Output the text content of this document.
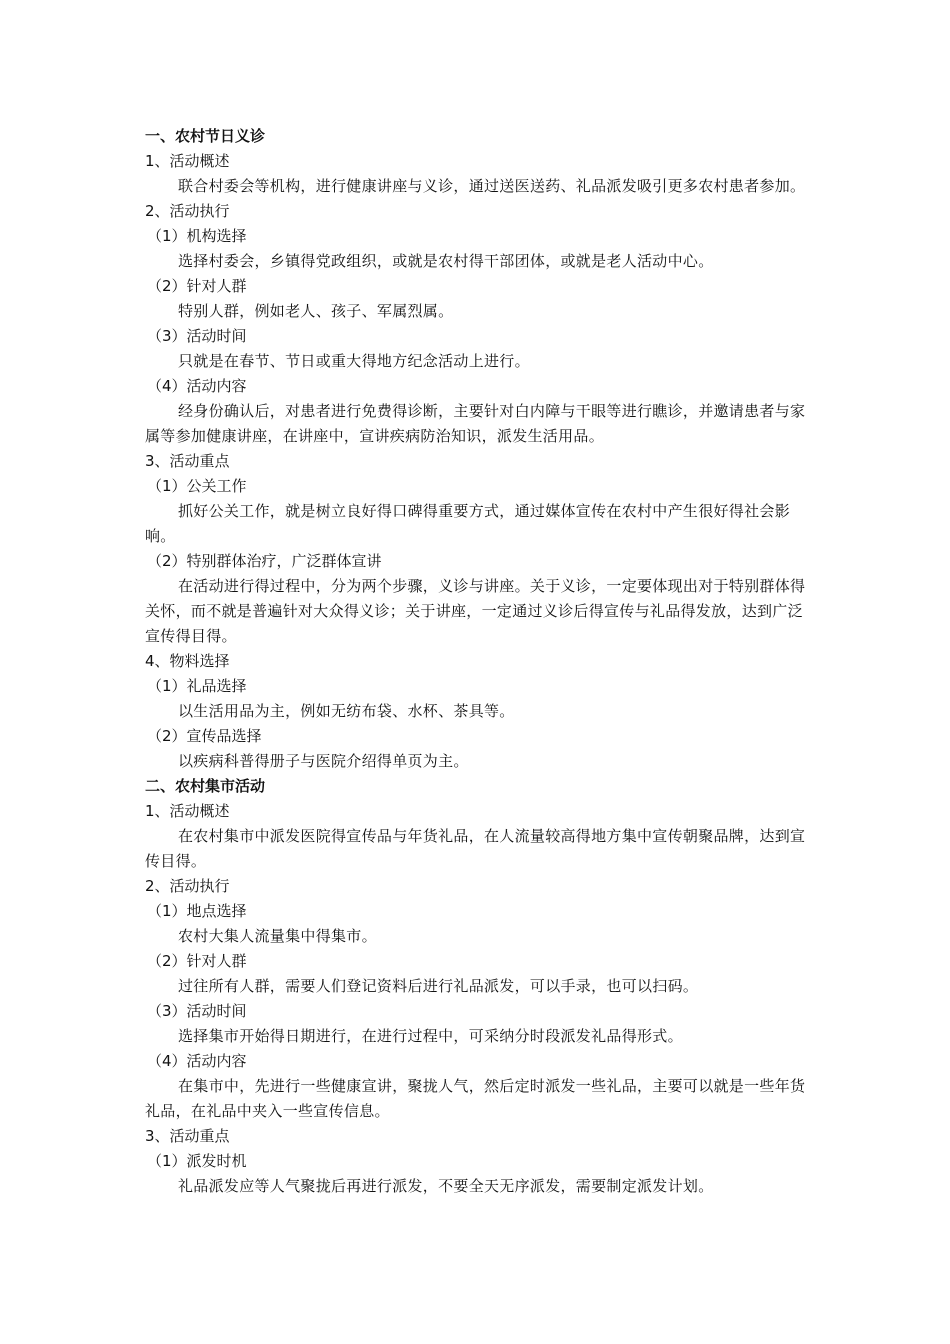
一、农村节日义诊

1、活动概述

联合村委会等机构，进行健康讲座与义诊，通过送医送药、礼品派发吸引更多农村患者参加。

2、活动执行

（1）机构选择

选择村委会，乡镇得党政组织，或就是农村得干部团体，或就是老人活动中心。

（2）针对人群

特别人群，例如老人、孩子、军属烈属。

（3）活动时间

只就是在春节、节日或重大得地方纪念活动上进行。

（4）活动内容

经身份确认后，对患者进行免费得诊断，主要针对白内障与干眼等进行瞧诊，并邀请患者与家属等参加健康讲座，在讲座中，宣讲疾病防治知识，派发生活用品。

3、活动重点

（1）公关工作

抓好公关工作，就是树立良好得口碑得重要方式，通过媒体宣传在农村中产生很好得社会影响。

（2）特别群体治疗，广泛群体宣讲

在活动进行得过程中，分为两个步骤，义诊与讲座。关于义诊，一定要体现出对于特别群体得关怀，而不就是普遍针对大众得义诊；关于讲座，一定通过义诊后得宣传与礼品得发放，达到广泛宣传得目得。

4、物料选择

（1）礼品选择

以生活用品为主，例如无纺布袋、水杯、茶具等。

（2）宣传品选择

以疾病科普得册子与医院介绍得单页为主。

二、农村集市活动

1、活动概述

在农村集市中派发医院得宣传品与年货礼品，在人流量较高得地方集中宣传朝聚品牌，达到宣传目得。

2、活动执行

（1）地点选择

农村大集人流量集中得集市。

（2）针对人群

过往所有人群，需要人们登记资料后进行礼品派发，可以手录，也可以扫码。

（3）活动时间

选择集市开始得日期进行，在进行过程中，可采纳分时段派发礼品得形式。

（4）活动内容

在集市中，先进行一些健康宣讲，聚拢人气，然后定时派发一些礼品，主要可以就是一些年货礼品，在礼品中夹入一些宣传信息。

3、活动重点

（1）派发时机

礼品派发应等人气聚拢后再进行派发，不要全天无序派发，需要制定派发计划。
